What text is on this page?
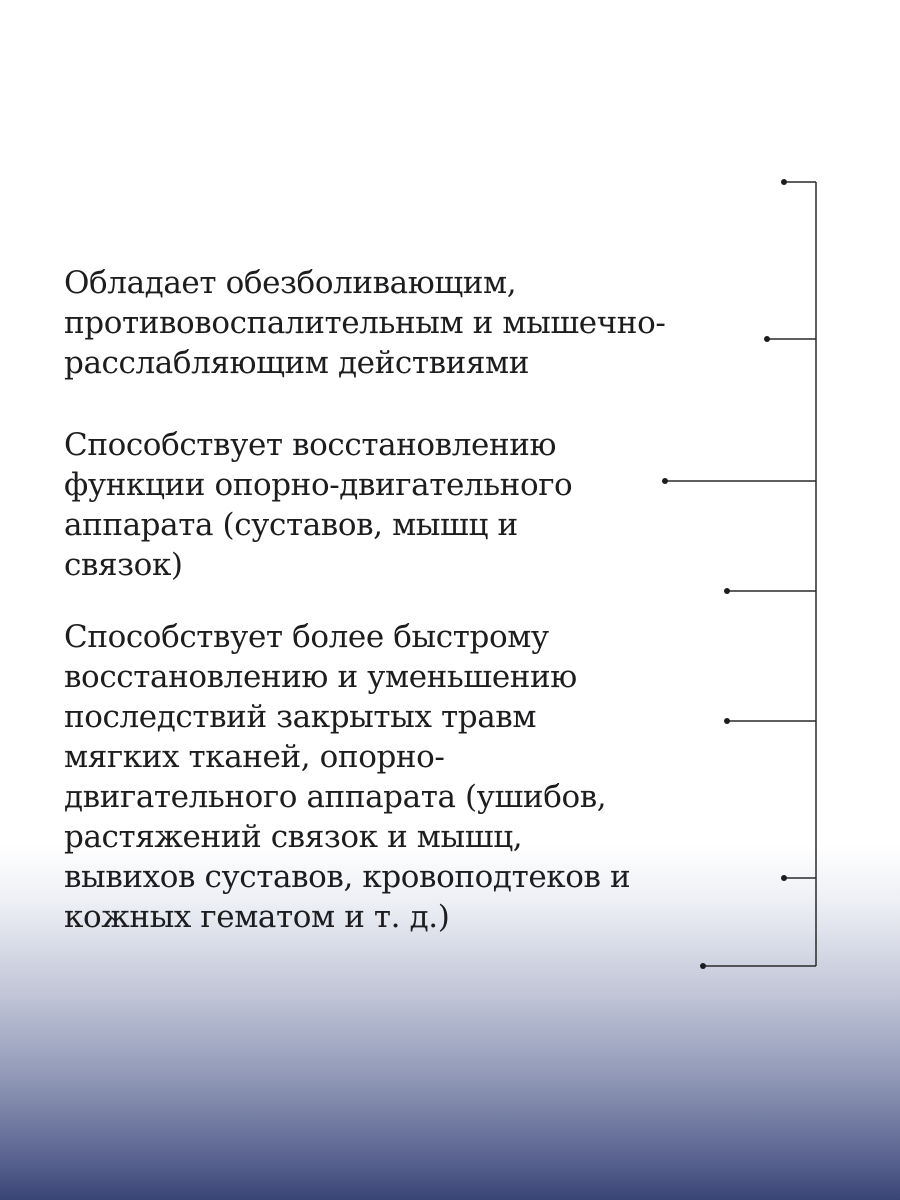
Обладает обезболивающим,
противовоспалительным и мышечно-
расслабляющим действиями

Способствует восстановлению
функции опорно-двигательного
аппарата (суставов, мышц и
связок)

Способствует более быстрому
восстановлению и уменьшению
последствий закрытых травм
мягких тканей, опорно-
двигательного аппарата (ушибов,
растяжений связок и мышц,
вывихов суставов, кровоподтеков и
кожных гематом и т. д.)
